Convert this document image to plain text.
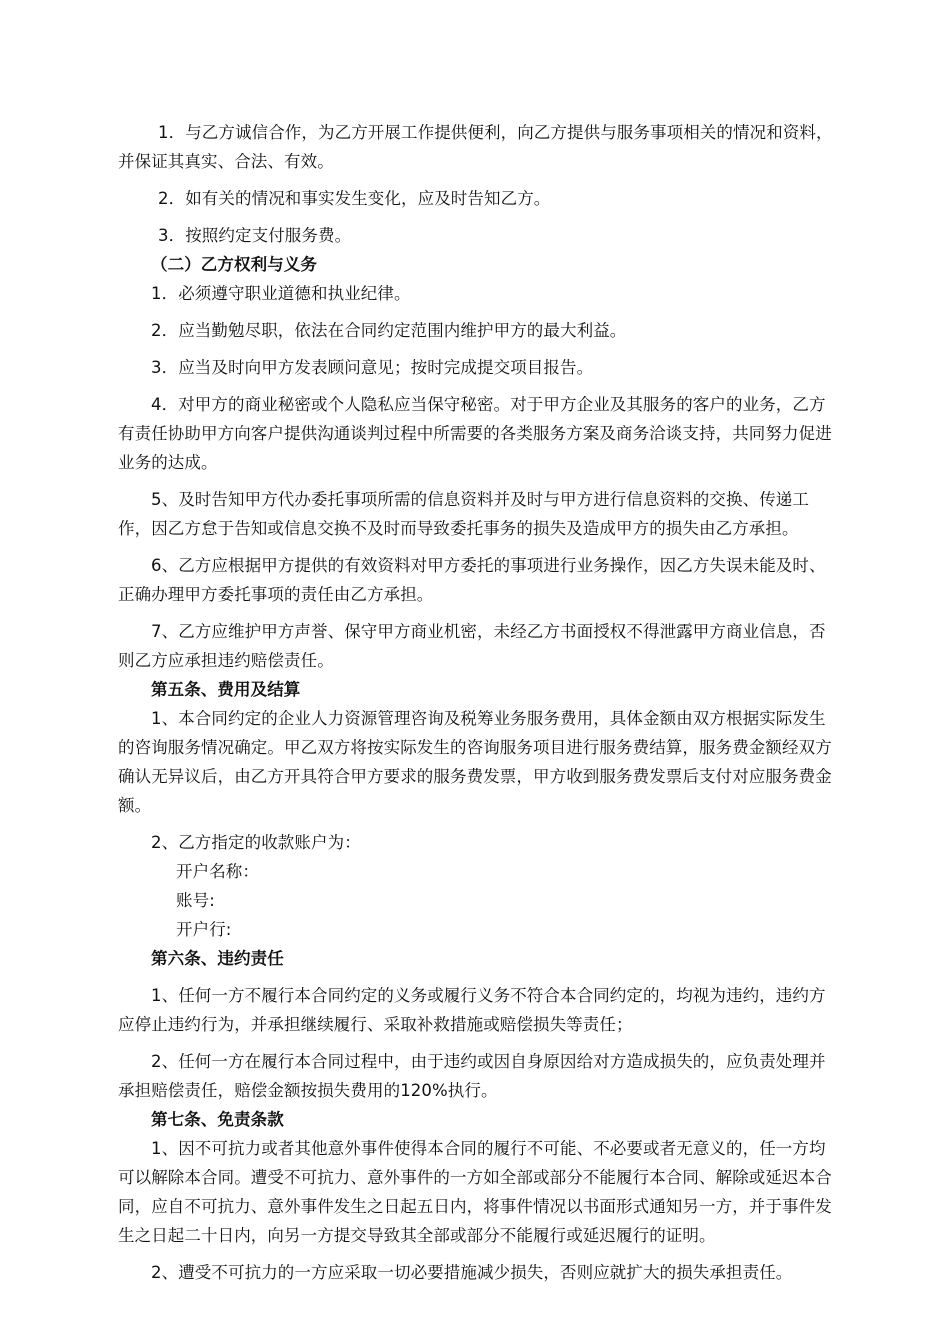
1．与乙方诚信合作，为乙方开展工作提供便利，向乙方提供与服务事项相关的情况和资料，并保证其真实、合法、有效。

2．如有关的情况和事实发生变化，应及时告知乙方。

3．按照约定支付服务费。

（二）乙方权利与义务

1．必须遵守职业道德和执业纪律。

2．应当勤勉尽职，依法在合同约定范围内维护甲方的最大利益。

3．应当及时向甲方发表顾问意见；按时完成提交项目报告。

4．对甲方的商业秘密或个人隐私应当保守秘密。对于甲方企业及其服务的客户的业务，乙方有责任协助甲方向客户提供沟通谈判过程中所需要的各类服务方案及商务洽谈支持，共同努力促进业务的达成。

5、及时告知甲方代办委托事项所需的信息资料并及时与甲方进行信息资料的交换、传递工作，因乙方怠于告知或信息交换不及时而导致委托事务的损失及造成甲方的损失由乙方承担。

6、乙方应根据甲方提供的有效资料对甲方委托的事项进行业务操作，因乙方失误未能及时、正确办理甲方委托事项的责任由乙方承担。

7、乙方应维护甲方声誉、保守甲方商业机密，未经乙方书面授权不得泄露甲方商业信息，否则乙方应承担违约赔偿责任。

第五条、费用及结算

1、本合同约定的企业人力资源管理咨询及税筹业务服务费用，具体金额由双方根据实际发生的咨询服务情况确定。甲乙双方将按实际发生的咨询服务项目进行服务费结算，服务费金额经双方确认无异议后，由乙方开具符合甲方要求的服务费发票，甲方收到服务费发票后支付对应服务费金额。

2、乙方指定的收款账户为：

开户名称：

账号:

开户行:

第六条、违约责任

1、任何一方不履行本合同约定的义务或履行义务不符合本合同约定的，均视为违约，违约方应停止违约行为，并承担继续履行、采取补救措施或赔偿损失等责任；

2、任何一方在履行本合同过程中，由于违约或因自身原因给对方造成损失的，应负责处理并承担赔偿责任，赔偿金额按损失费用的120%执行。

第七条、免责条款

1、因不可抗力或者其他意外事件使得本合同的履行不可能、不必要或者无意义的，任一方均可以解除本合同。遭受不可抗力、意外事件的一方如全部或部分不能履行本合同、解除或延迟本合同，应自不可抗力、意外事件发生之日起五日内，将事件情况以书面形式通知另一方，并于事件发生之日起二十日内，向另一方提交导致其全部或部分不能履行或延迟履行的证明。

2、遭受不可抗力的一方应采取一切必要措施减少损失，否则应就扩大的损失承担责任。
